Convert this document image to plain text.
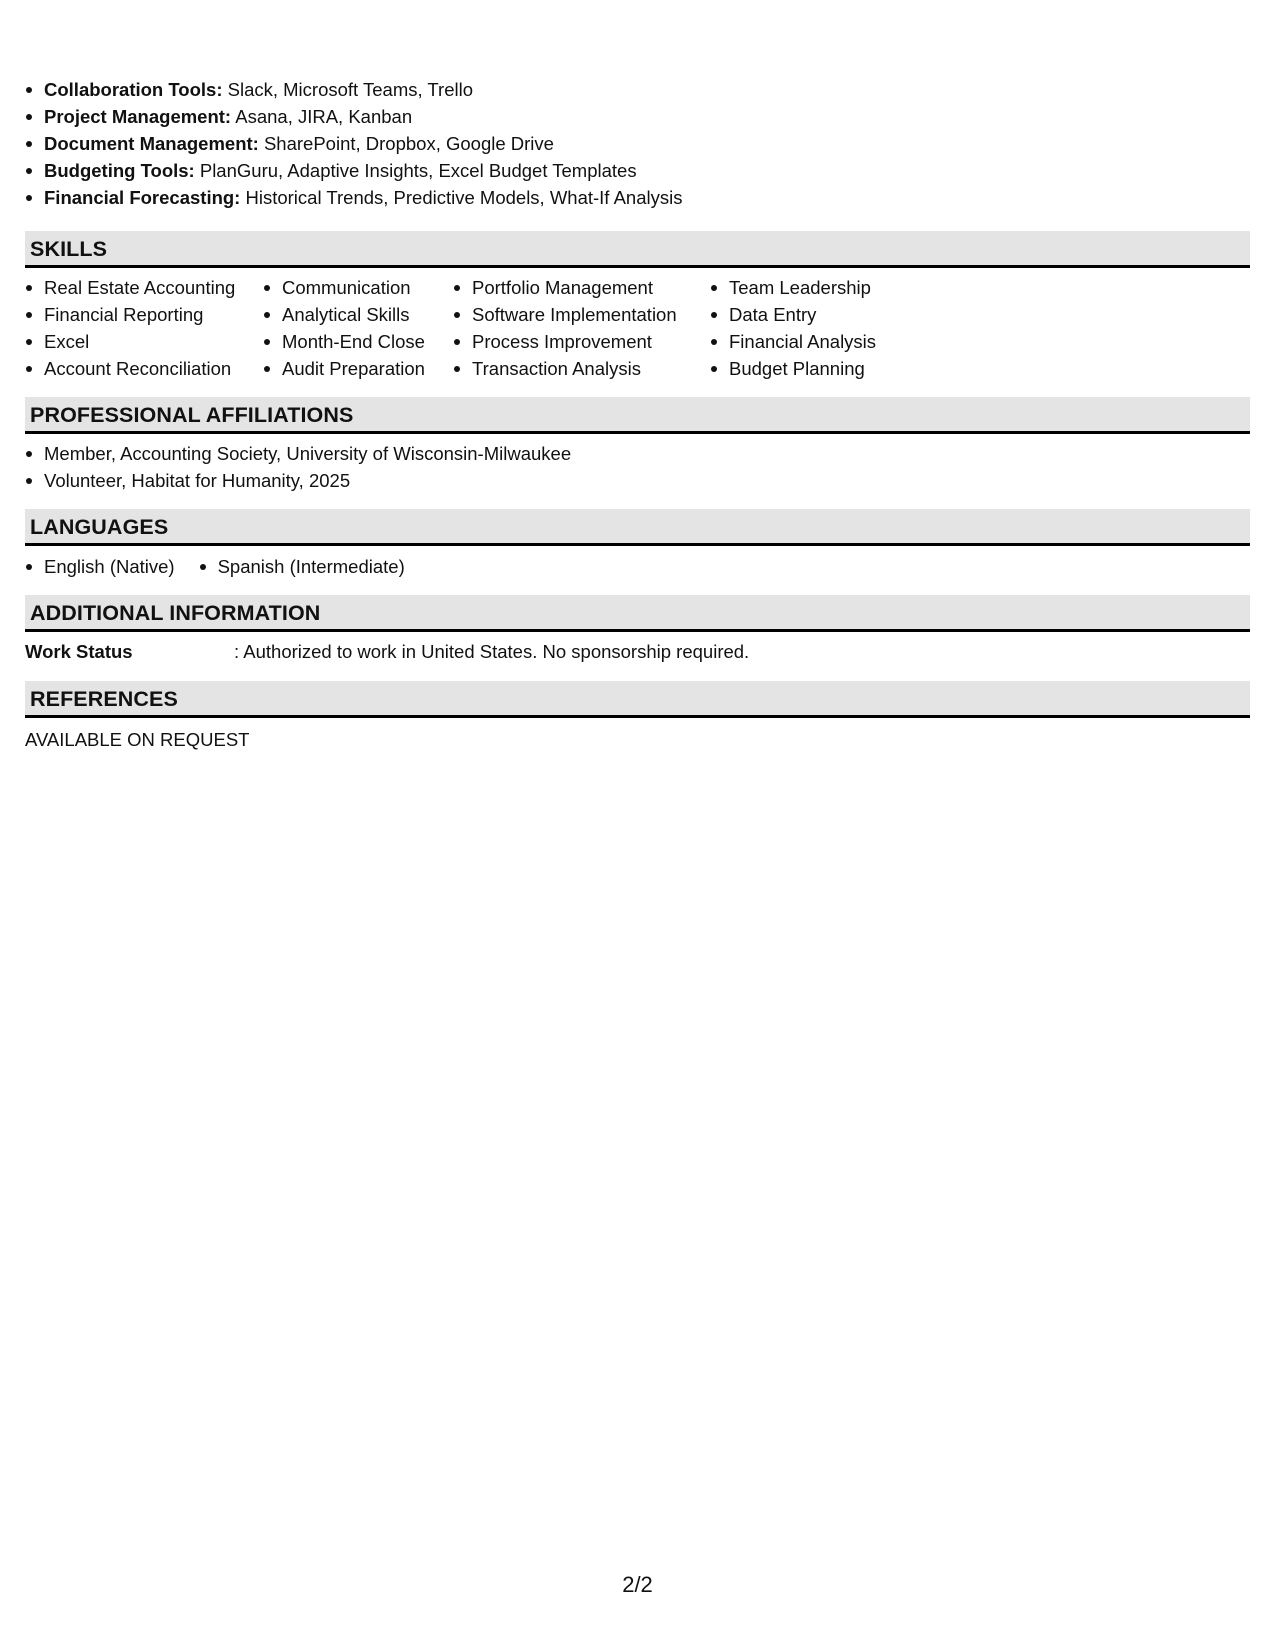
Collaboration Tools: Slack, Microsoft Teams, Trello
Project Management: Asana, JIRA, Kanban
Document Management: SharePoint, Dropbox, Google Drive
Budgeting Tools: PlanGuru, Adaptive Insights, Excel Budget Templates
Financial Forecasting: Historical Trends, Predictive Models, What-If Analysis
SKILLS
Real Estate Accounting
Financial Reporting
Excel
Account Reconciliation
Communication
Analytical Skills
Month-End Close
Audit Preparation
Portfolio Management
Software Implementation
Process Improvement
Transaction Analysis
Team Leadership
Data Entry
Financial Analysis
Budget Planning
PROFESSIONAL AFFILIATIONS
Member, Accounting Society, University of Wisconsin-Milwaukee
Volunteer, Habitat for Humanity, 2025
LANGUAGES
English (Native)	Spanish (Intermediate)
ADDITIONAL INFORMATION
Work Status	: Authorized to work in United States. No sponsorship required.
REFERENCES
AVAILABLE ON REQUEST
2/2
